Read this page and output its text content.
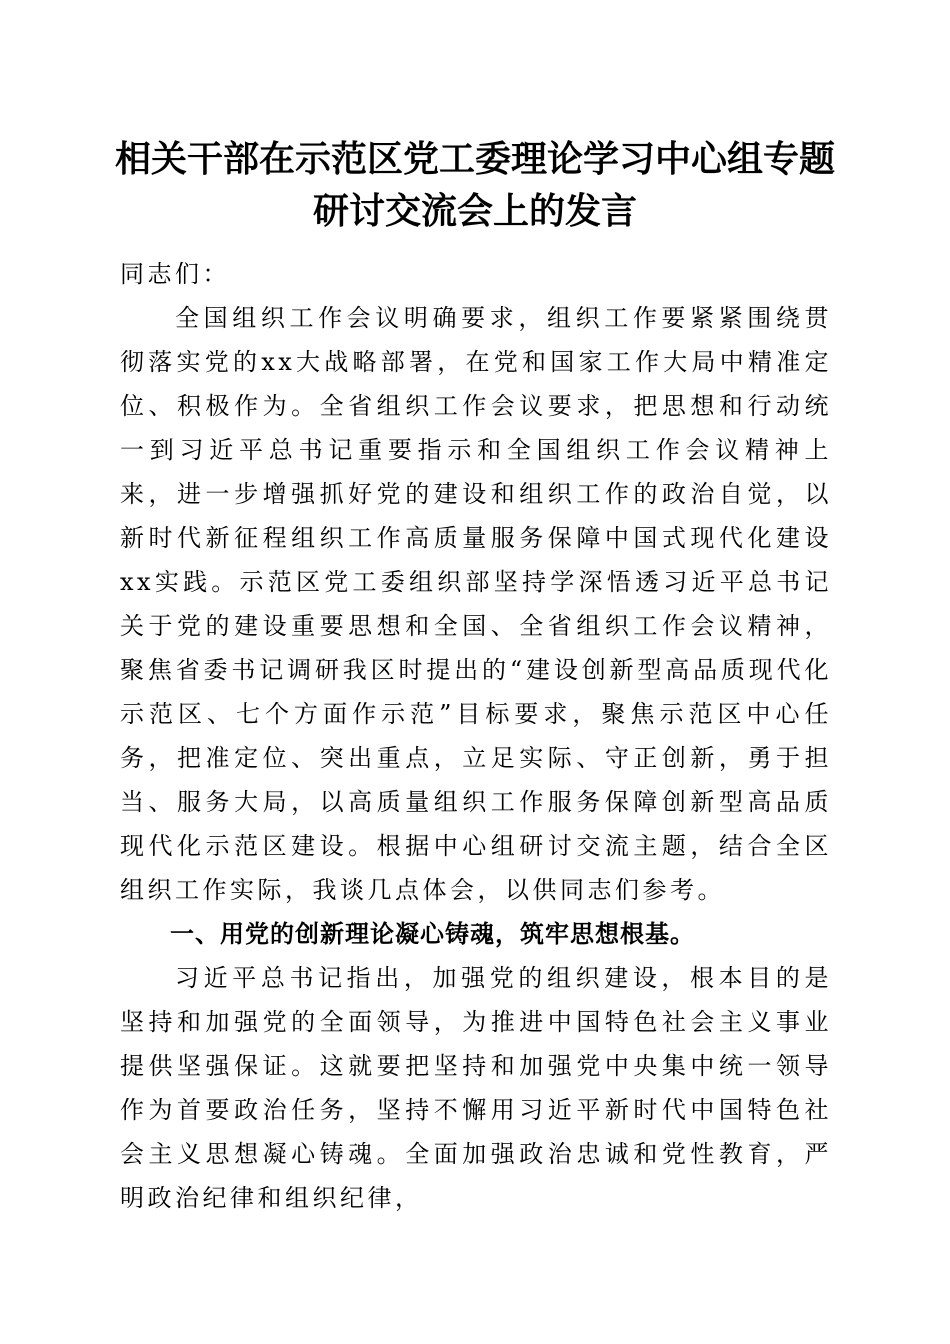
相关干部在示范区党工委理论学习中心组专题
研讨交流会上的发言

同志们：

全国组织工作会议明确要求，组织工作要紧紧围绕贯彻落实党的xx大战略部署，在党和国家工作大局中精准定位、积极作为。全省组织工作会议要求，把思想和行动统一到习近平总书记重要指示和全国组织工作会议精神上来，进一步增强抓好党的建设和组织工作的政治自觉，以新时代新征程组织工作高质量服务保障中国式现代化建设xx实践。示范区党工委组织部坚持学深悟透习近平总书记关于党的建设重要思想和全国、全省组织工作会议精神，聚焦省委书记调研我区时提出的“建设创新型高品质现代化示范区、七个方面作示范”目标要求，聚焦示范区中心任务，把准定位、突出重点，立足实际、守正创新，勇于担当、服务大局，以高质量组织工作服务保障创新型高品质现代化示范区建设。根据中心组研讨交流主题，结合全区组织工作实际，我谈几点体会，以供同志们参考。

一、用党的创新理论凝心铸魂，筑牢思想根基。

习近平总书记指出，加强党的组织建设，根本目的是坚持和加强党的全面领导，为推进中国特色社会主义事业提供坚强保证。这就要把坚持和加强党中央集中统一领导作为首要政治任务，坚持不懈用习近平新时代中国特色社会主义思想凝心铸魂。全面加强政治忠诚和党性教育，严明政治纪律和组织纪律，
